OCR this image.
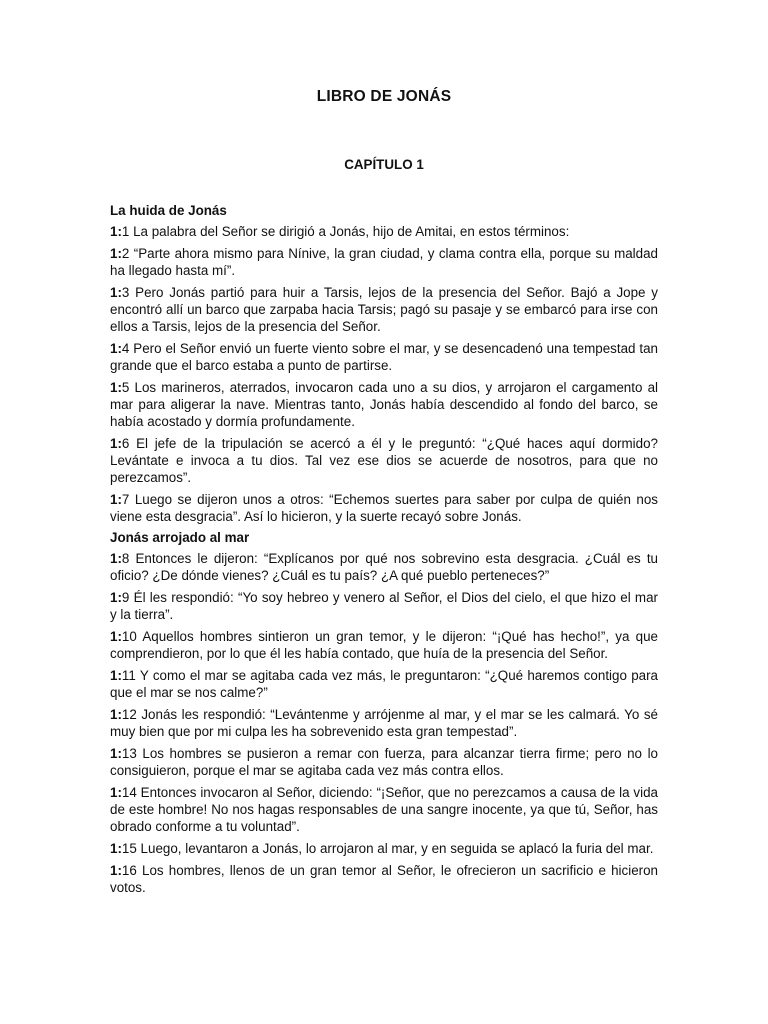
LIBRO DE JONÁS
CAPÍTULO 1
La huida de Jonás

1:1 La palabra del Señor se dirigió a Jonás, hijo de Amitai, en estos términos:

1:2 “Parte ahora mismo para Nínive, la gran ciudad, y clama contra ella, porque su maldad ha llegado hasta mí”.

1:3 Pero Jonás partió para huir a Tarsis, lejos de la presencia del Señor. Bajó a Jope y encontró allí un barco que zarpaba hacia Tarsis; pagó su pasaje y se embarcó para irse con ellos a Tarsis, lejos de la presencia del Señor.

1:4 Pero el Señor envió un fuerte viento sobre el mar, y se desencadenó una tempestad tan grande que el barco estaba a punto de partirse.

1:5 Los marineros, aterrados, invocaron cada uno a su dios, y arrojaron el cargamento al mar para aligerar la nave. Mientras tanto, Jonás había descendido al fondo del barco, se había acostado y dormía profundamente.

1:6 El jefe de la tripulación se acercó a él y le preguntó: “¿Qué haces aquí dormido? Levántate e invoca a tu dios. Tal vez ese dios se acuerde de nosotros, para que no perezcamos”.

1:7 Luego se dijeron unos a otros: “Echemos suertes para saber por culpa de quién nos viene esta desgracia”. Así lo hicieron, y la suerte recayó sobre Jonás.

Jonás arrojado al mar

1:8 Entonces le dijeron: “Explícanos por qué nos sobrevino esta desgracia. ¿Cuál es tu oficio? ¿De dónde vienes? ¿Cuál es tu país? ¿A qué pueblo perteneces?”

1:9 Él les respondió: “Yo soy hebreo y venero al Señor, el Dios del cielo, el que hizo el mar y la tierra”.

1:10 Aquellos hombres sintieron un gran temor, y le dijeron: “¡Qué has hecho!”, ya que comprendieron, por lo que él les había contado, que huía de la presencia del Señor.

1:11 Y como el mar se agitaba cada vez más, le preguntaron: “¿Qué haremos contigo para que el mar se nos calme?”

1:12 Jonás les respondió: “Levántenme y arrójenme al mar, y el mar se les calmará. Yo sé muy bien que por mi culpa les ha sobrevenido esta gran tempestad”.

1:13 Los hombres se pusieron a remar con fuerza, para alcanzar tierra firme; pero no lo consiguieron, porque el mar se agitaba cada vez más contra ellos.

1:14 Entonces invocaron al Señor, diciendo: “¡Señor, que no perezcamos a causa de la vida de este hombre! No nos hagas responsables de una sangre inocente, ya que tú, Señor, has obrado conforme a tu voluntad”.

1:15 Luego, levantaron a Jonás, lo arrojaron al mar, y en seguida se aplacó la furia del mar.

1:16 Los hombres, llenos de un gran temor al Señor, le ofrecieron un sacrificio e hicieron votos.
